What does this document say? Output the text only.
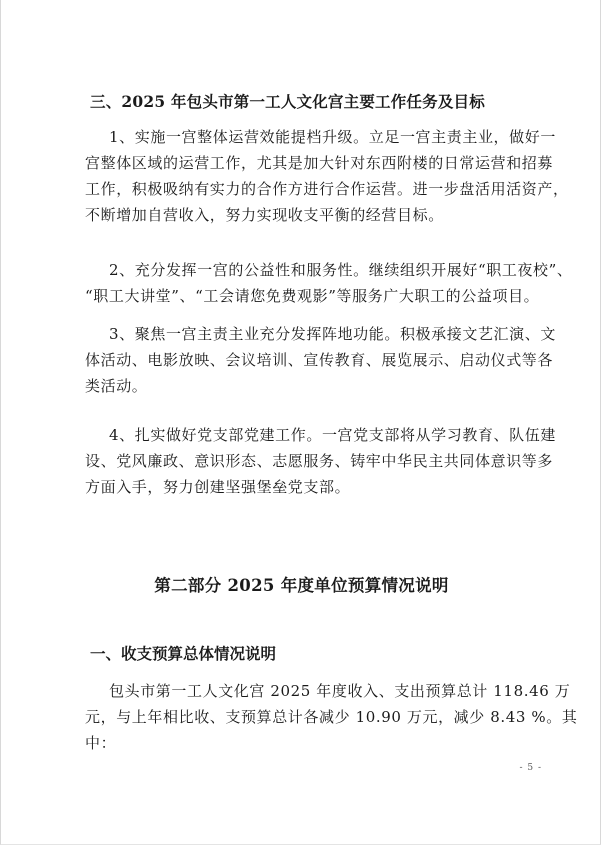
三、2025 年包头市第一工人文化宫主要工作任务及目标

1、实施一宫整体运营效能提档升级。立足一宫主责主业，做好一
宫整体区域的运营工作，尤其是加大针对东西附楼的日常运营和招募
工作，积极吸纳有实力的合作方进行合作运营。进一步盘活用活资产，
不断增加自营收入，努力实现收支平衡的经营目标。

2、充分发挥一宫的公益性和服务性。继续组织开展好“职工夜校”、
“职工大讲堂”、“工会请您免费观影”等服务广大职工的公益项目。

3、聚焦一宫主责主业充分发挥阵地功能。积极承接文艺汇演、文
体活动、电影放映、会议培训、宣传教育、展览展示、启动仪式等各
类活动。

4、扎实做好党支部党建工作。一宫党支部将从学习教育、队伍建
设、党风廉政、意识形态、志愿服务、铸牢中华民主共同体意识等多
方面入手，努力创建坚强堡垒党支部。

第二部分 2025 年度单位预算情况说明
一、收支预算总体情况说明

包头市第一工人文化宫 2025 年度收入、支出预算总计 118.46 万
元，与上年相比收、支预算总计各减少 10.90 万元，减少 8.43 %。其
中：

- 5 -
